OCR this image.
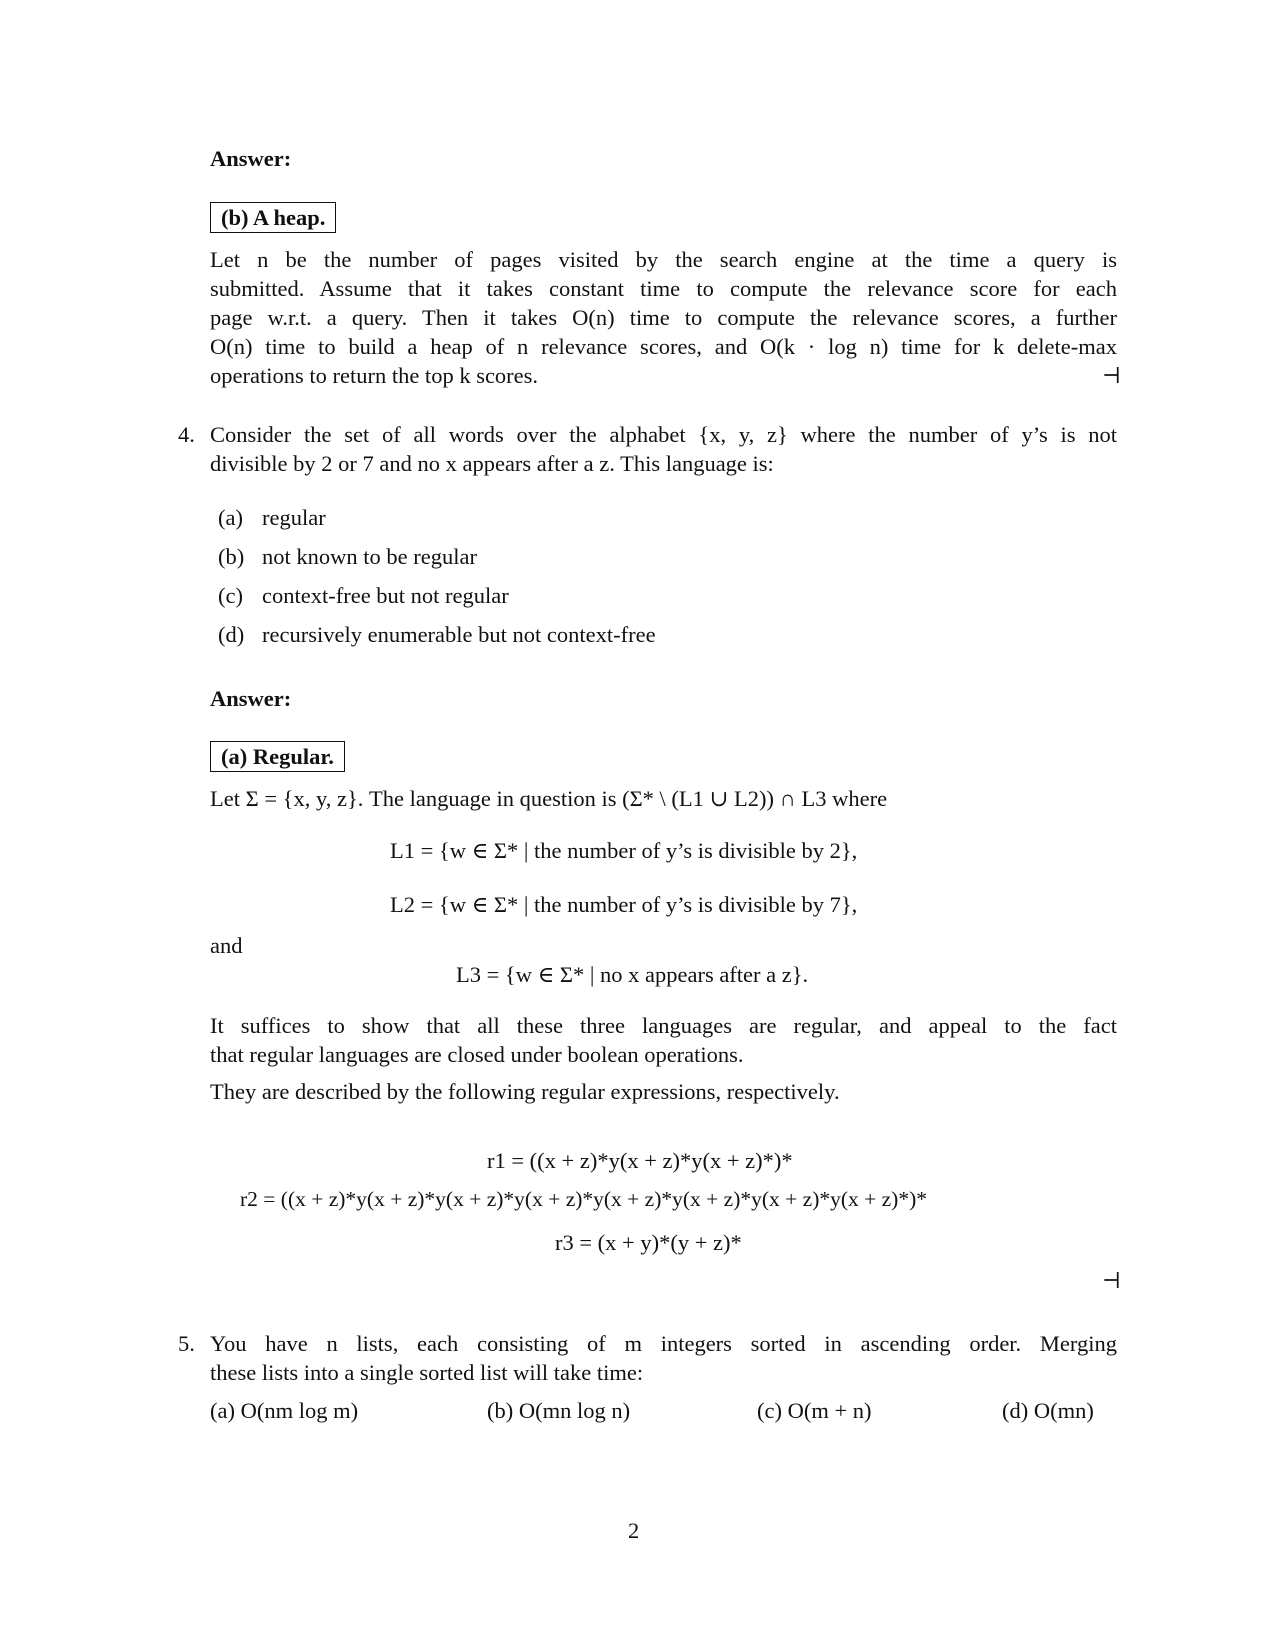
Answer:
(b) A heap.
Let n be the number of pages visited by the search engine at the time a query is
submitted. Assume that it takes constant time to compute the relevance score for each
page w.r.t. a query. Then it takes O(n) time to compute the relevance scores, a further
O(n) time to build a heap of n relevance scores, and O(k · log n) time for k delete-max
operations to return the top k scores.	⊣
4. Consider the set of all words over the alphabet {x, y, z} where the number of y’s is not
divisible by 2 or 7 and no x appears after a z. This language is:
(a) regular
(b) not known to be regular
(c) context-free but not regular
(d) recursively enumerable but not context-free
Answer:
(a) Regular.
Let Σ = {x, y, z}. The language in question is (Σ* \ (L1 ∪ L2)) ∩ L3 where
L1 = {w ∈ Σ* | the number of y’s is divisible by 2},
L2 = {w ∈ Σ* | the number of y’s is divisible by 7},
and
L3 = {w ∈ Σ* | no x appears after a z}.
It suffices to show that all these three languages are regular, and appeal to the fact
that regular languages are closed under boolean operations.
They are described by the following regular expressions, respectively.
r1 = ((x + z)*y(x + z)*y(x + z)*)*
r2 = ((x + z)*y(x + z)*y(x + z)*y(x + z)*y(x + z)*y(x + z)*y(x + z)*y(x + z)*)*
r3 = (x + y)*(y + z)*
⊣
5. You have n lists, each consisting of m integers sorted in ascending order. Merging
these lists into a single sorted list will take time:
(a) O(nm log m)	(b) O(mn log n)	(c) O(m + n)	(d) O(mn)
2
